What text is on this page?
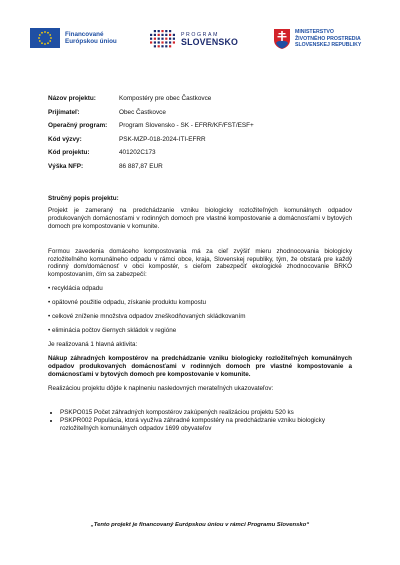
Financované
Európskou úniou
PROGRAM
SLOVENSKO
MINISTERSTVO
ŽIVOTNÉHO PROSTREDIA
SLOVENSKEJ REPUBLIKY
Názov projektu:	Kompostéry pre obec Častkovce
Prijímateľ:	Obec Častkovce
Operačný program:	Program Slovensko - SK - EFRR/KF/FST/ESF+
Kód výzvy:	PSK-MZP-018-2024-ITI-EFRR
Kód projektu:	401202C173
Výška NFP:	86 887,87 EUR

Stručný popis projektu:

Projekt je zameraný na predchádzanie vzniku biologicky rozložiteľných komunálnych odpadov produkovaných domácnosťami v rodinných domoch pre vlastné kompostovanie a domácnosťami v bytových domoch pre kompostovanie v komunite.

Formou zavedenia domáceho kompostovania má za cieľ zvýšiť mieru zhodnocovania biologicky rozložiteľného komunálneho odpadu v rámci obce, kraja, Slovenskej republiky, tým, že obstará pre každý rodinný dom/domácnosť v obci kompostér, s cieľom zabezpečiť ekologické zhodnocovanie BRKO kompostovaním, čím sa zabezpečí:

• recyklácia odpadu

• opätovné použitie odpadu, získanie produktu kompostu

• celkové zníženie množstva odpadov zneškodňovaných skládkovaním

• eliminácia počtov čiernych skládok v regióne

Je realizovaná 1 hlavná aktivita:

Nákup záhradných kompostérov na predchádzanie vzniku biologicky rozložiteľných komunálnych odpadov produkovaných domácnosťami v rodinných domoch pre vlastné kompostovanie a domácnosťami v bytových domoch pre kompostovanie v komunite.

Realizáciou projektu dôjde k naplneniu nasledovných merateľných ukazovateľov:

• PSKPO015 Počet záhradných kompostérov zakúpených realizáciou projektu 520 ks
• PSKPR002 Populácia, ktorá využíva záhradné kompostéry na predchádzanie vzniku biologicky rozložiteľných komunálnych odpadov 1699 obyvateľov
„Tento projekt je financovaný Európskou úniou v rámci Programu Slovensko“
